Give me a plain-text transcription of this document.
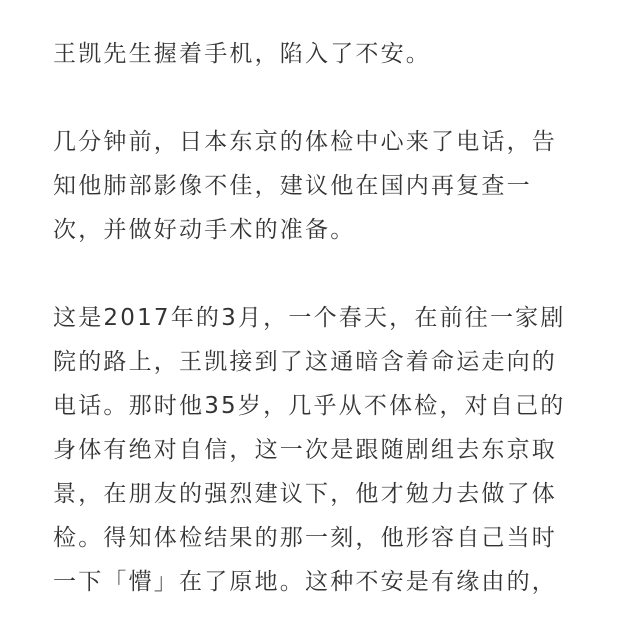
王凯先生握着手机，陷入了不安。

几分钟前，日本东京的体检中心来了电话，告
知他肺部影像不佳，建议他在国内再复查一
次，并做好动手术的准备。

这是2017年的3月，一个春天，在前往一家剧
院的路上，王凯接到了这通暗含着命运走向的
电话。那时他35岁，几乎从不体检，对自己的
身体有绝对自信，这一次是跟随剧组去东京取
景，在朋友的强烈建议下，他才勉力去做了体
检。得知体检结果的那一刻，他形容自己当时
一下「懵」在了原地。这种不安是有缘由的，
